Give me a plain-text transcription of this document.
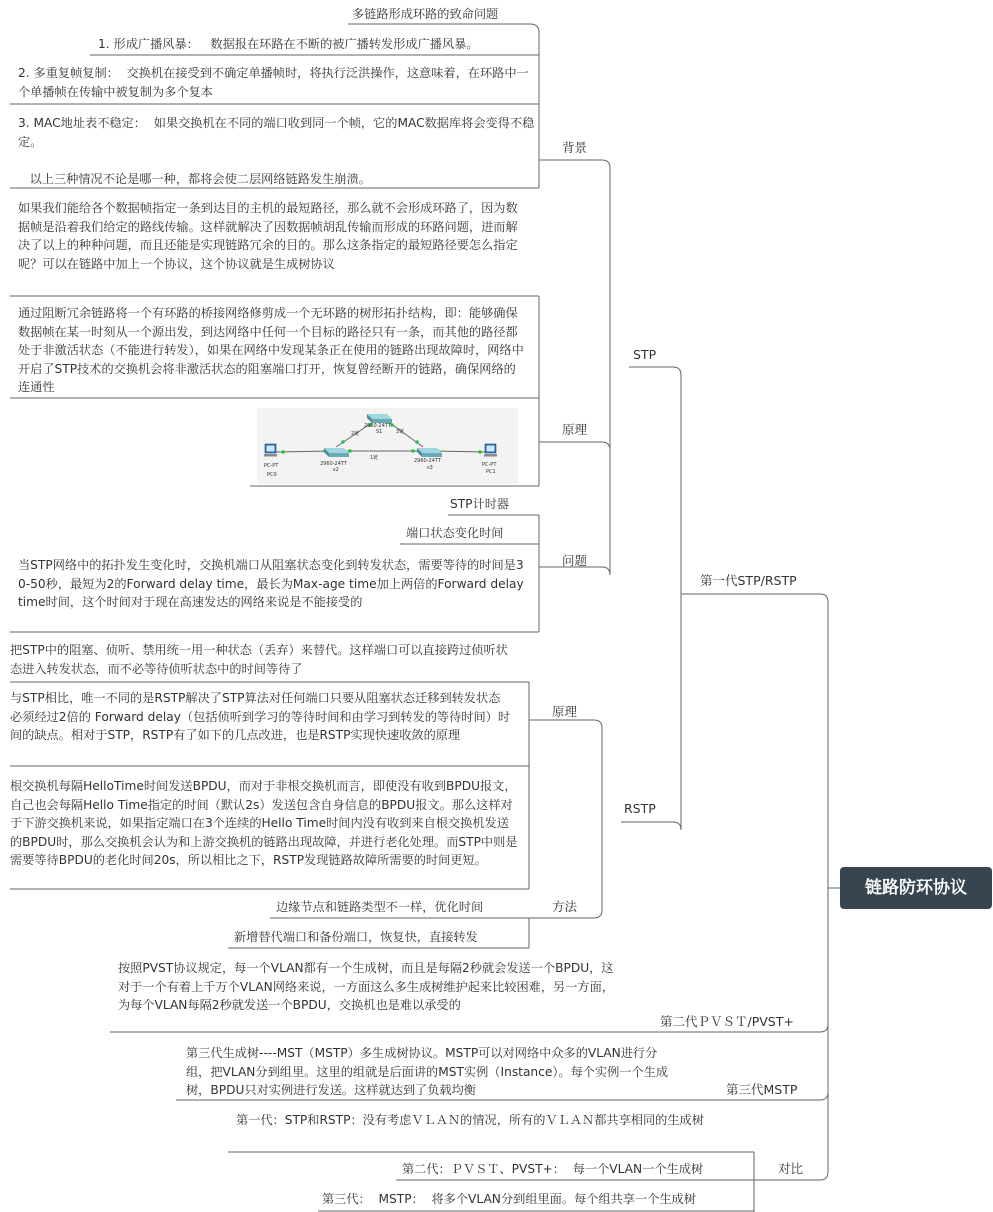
2960-24TT
S1
2960-24TT
s2
2960-24TT
s3
PC-PT
PC0
PC-PT
PC1
2链	3链
1链
链路防环协议
第一代STP/RSTP
第二代ＰＶＳＴ/PVST+
第三代MSTP
对比
STP
RSTP
背景
原理
问题
多链路形成环路的致命问题
1. 形成广播风暴：   数据报在环路在不断的被广播转发形成广播风暴。
2. 多重复帧复制：  交换机在接受到不确定单播帧时，将执行泛洪操作，这意味着，在环路中一个单播帧在传输中被复制为多个复本
3. MAC地址表不稳定：  如果交换机在不同的端口收到同一个帧，它的MAC数据库将会变得不稳定。

以上三种情况不论是哪一种，都将会使二层网络链路发生崩溃。
如果我们能给各个数据帧指定一条到达目的主机的最短路径，那么就不会形成环路了，因为数据帧是沿着我们给定的路线传输。这样就解决了因数据帧胡乱传输而形成的环路问题，进而解决了以上的种种问题，而且还能是实现链路冗余的目的。那么这条指定的最短路径要怎么指定呢？可以在链路中加上一个协议，这个协议就是生成树协议
通过阻断冗余链路将一个有环路的桥接网络修剪成一个无环路的树形拓扑结构，即：能够确保数据帧在某一时刻从一个源出发，到达网络中任何一个目标的路径只有一条，而其他的路径都处于非激活状态（不能进行转发），如果在网络中发现某条正在使用的链路出现故障时，网络中开启了STP技术的交换机会将非激活状态的阻塞端口打开，恢复曾经断开的链路，确保网络的连通性
STP计时器
端口状态变化时间
当STP网络中的拓扑发生变化时，交换机端口从阻塞状态变化到转发状态，需要等待的时间是30-50秒，最短为2的Forward delay time，最长为Max-age time加上两倍的Forward delay time时间，这个时间对于现在高速发达的网络来说是不能接受的
原理
把STP中的阻塞、侦听、禁用统一用一种状态（丢弃）来替代。这样端口可以直接跨过侦听状态进入转发状态，而不必等待侦听状态中的时间等待了
与STP相比，唯一不同的是RSTP解决了STP算法对任何端口只要从阻塞状态迁移到转发状态必须经过2倍的 Forward delay（包括侦听到学习的等待时间和由学习到转发的等待时间）时间的缺点。相对于STP，RSTP有了如下的几点改进，也是RSTP实现快速收敛的原理
根交换机每隔HelloTime时间发送BPDU，而对于非根交换机而言，即使没有收到BPDU报文，自己也会每隔Hello Time指定的时间（默认2s）发送包含自身信息的BPDU报文。那么这样对于下游交换机来说，如果指定端口在3个连续的Hello Time时间内没有收到来自根交换机发送的BPDU时，那么交换机会认为和上游交换机的链路出现故障，并进行老化处理。而STP中则是需要等待BPDU的老化时间20s，所以相比之下，RSTP发现链路故障所需要的时间更短。
方法
边缘节点和链路类型不一样，优化时间
新增替代端口和备份端口，恢复快，直接转发
按照PVST协议规定，每一个VLAN都有一个生成树，而且是每隔2秒就会发送一个BPDU，这对于一个有着上千万个VLAN网络来说，一方面这么多生成树维护起来比较困难，另一方面，为每个VLAN每隔2秒就发送一个BPDU，交换机也是难以承受的
第三代生成树----MST（MSTP）多生成树协议。MSTP可以对网络中众多的VLAN进行分组，把VLAN分到组里。这里的组就是后面讲的MST实例（Instance）。每个实例一个生成树，BPDU只对实例进行发送。这样就达到了负载均衡
第一代：STP和RSTP：没有考虑ＶＬＡＮ的情况，所有的ＶＬＡＮ都共享相同的生成树
第二代：ＰＶＳＴ、PVST+：  每一个VLAN一个生成树
第三代：  MSTP：  将多个VLAN分到组里面。每个组共享一个生成树
